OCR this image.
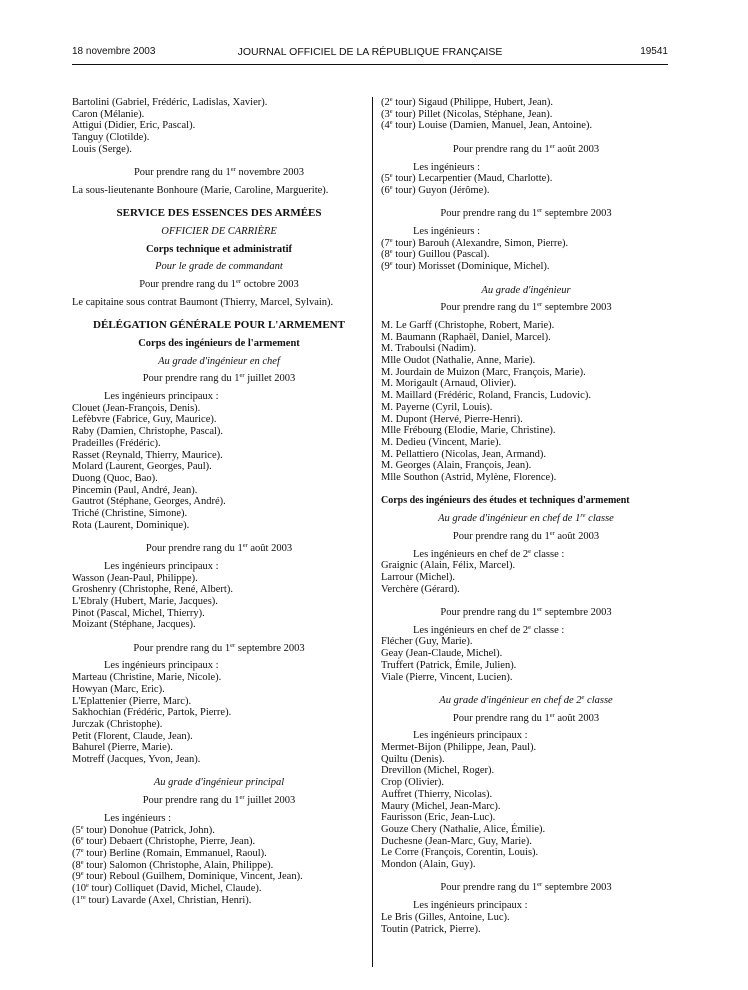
18 novembre 2003	JOURNAL OFFICIEL DE LA RÉPUBLIQUE FRANÇAISE	19541
Bartolini (Gabriel, Frédéric, Ladislas, Xavier).
Caron (Mélanie).
Attigui (Didier, Eric, Pascal).
Tanguy (Clotilde).
Louis (Serge).
Pour prendre rang du 1er novembre 2003
La sous-lieutenante Bonhoure (Marie, Caroline, Marguerite).
SERVICE DES ESSENCES DES ARMÉES
OFFICIER DE CARRIÈRE
Corps technique et administratif
Pour le grade de commandant
Pour prendre rang du 1er octobre 2003
Le capitaine sous contrat Baumont (Thierry, Marcel, Sylvain).
DÉLÉGATION GÉNÉRALE POUR L'ARMEMENT
Corps des ingénieurs de l'armement
Au grade d'ingénieur en chef
Pour prendre rang du 1er juillet 2003
Les ingénieurs principaux :
Clouet (Jean-François, Denis).
Lefèbvre (Fabrice, Guy, Maurice).
Raby (Damien, Christophe, Pascal).
Pradeilles (Frédéric).
Rasset (Reynald, Thierry, Maurice).
Molard (Laurent, Georges, Paul).
Duong (Quoc, Bao).
Pincemin (Paul, André, Jean).
Gautrot (Stéphane, Georges, André).
Triché (Christine, Simone).
Rota (Laurent, Dominique).
Pour prendre rang du 1er août 2003
Les ingénieurs principaux :
Wasson (Jean-Paul, Philippe).
Groshenry (Christophe, René, Albert).
L'Ebraly (Hubert, Marie, Jacques).
Pinot (Pascal, Michel, Thierry).
Moizant (Stéphane, Jacques).
Pour prendre rang du 1er septembre 2003
Les ingénieurs principaux :
Marteau (Christine, Marie, Nicole).
Howyan (Marc, Eric).
L'Eplattenier (Pierre, Marc).
Sakhochian (Frédéric, Partok, Pierre).
Jurczak (Christophe).
Petit (Florent, Claude, Jean).
Bahurel (Pierre, Marie).
Motreff (Jacques, Yvon, Jean).
Au grade d'ingénieur principal
Pour prendre rang du 1er juillet 2003
Les ingénieurs :
(5e tour) Donohue (Patrick, John).
(6e tour) Debaert (Christophe, Pierre, Jean).
(7e tour) Berline (Romain, Emmanuel, Raoul).
(8e tour) Salomon (Christophe, Alain, Philippe).
(9e tour) Reboul (Guilhem, Dominique, Vincent, Jean).
(10e tour) Colliquet (David, Michel, Claude).
(1re tour) Lavarde (Axel, Christian, Henri).
(2e tour) Sigaud (Philippe, Hubert, Jean).
(3e tour) Pillet (Nicolas, Stéphane, Jean).
(4e tour) Louise (Damien, Manuel, Jean, Antoine).
Pour prendre rang du 1er août 2003
Les ingénieurs :
(5e tour) Lecarpentier (Maud, Charlotte).
(6e tour) Guyon (Jérôme).
Pour prendre rang du 1er septembre 2003
Les ingénieurs :
(7e tour) Barouh (Alexandre, Simon, Pierre).
(8e tour) Guillou (Pascal).
(9e tour) Morisset (Dominique, Michel).
Au grade d'ingénieur
Pour prendre rang du 1er septembre 2003
M. Le Garff (Christophe, Robert, Marie).
M. Baumann (Raphaël, Daniel, Marcel).
M. Traboulsi (Nadim).
Mlle Oudot (Nathalie, Anne, Marie).
M. Jourdain de Muizon (Marc, François, Marie).
M. Morigault (Arnaud, Olivier).
M. Maillard (Frédéric, Roland, Francis, Ludovic).
M. Payerne (Cyril, Louis).
M. Dupont (Hervé, Pierre-Henri).
Mlle Frébourg (Elodie, Marie, Christine).
M. Dedieu (Vincent, Marie).
M. Pellattiero (Nicolas, Jean, Armand).
M. Georges (Alain, François, Jean).
Mlle Southon (Astrid, Mylène, Florence).
Corps des ingénieurs des études et techniques d'armement
Au grade d'ingénieur en chef de 1re classe
Pour prendre rang du 1er août 2003
Les ingénieurs en chef de 2e classe :
Graignic (Alain, Félix, Marcel).
Larrour (Michel).
Verchère (Gérard).
Pour prendre rang du 1er septembre 2003
Les ingénieurs en chef de 2e classe :
Flécher (Guy, Marie).
Geay (Jean-Claude, Michel).
Truffert (Patrick, Émile, Julien).
Viale (Pierre, Vincent, Lucien).
Au grade d'ingénieur en chef de 2e classe
Pour prendre rang du 1er août 2003
Les ingénieurs principaux :
Mermet-Bijon (Philippe, Jean, Paul).
Quiltu (Denis).
Drevillon (Michel, Roger).
Crop (Olivier).
Auffret (Thierry, Nicolas).
Maury (Michel, Jean-Marc).
Faurisson (Eric, Jean-Luc).
Gouze Chery (Nathalie, Alice, Émilie).
Duchesne (Jean-Marc, Guy, Marie).
Le Corre (François, Corentin, Louis).
Mondon (Alain, Guy).
Pour prendre rang du 1er septembre 2003
Les ingénieurs principaux :
Le Bris (Gilles, Antoine, Luc).
Toutin (Patrick, Pierre).
